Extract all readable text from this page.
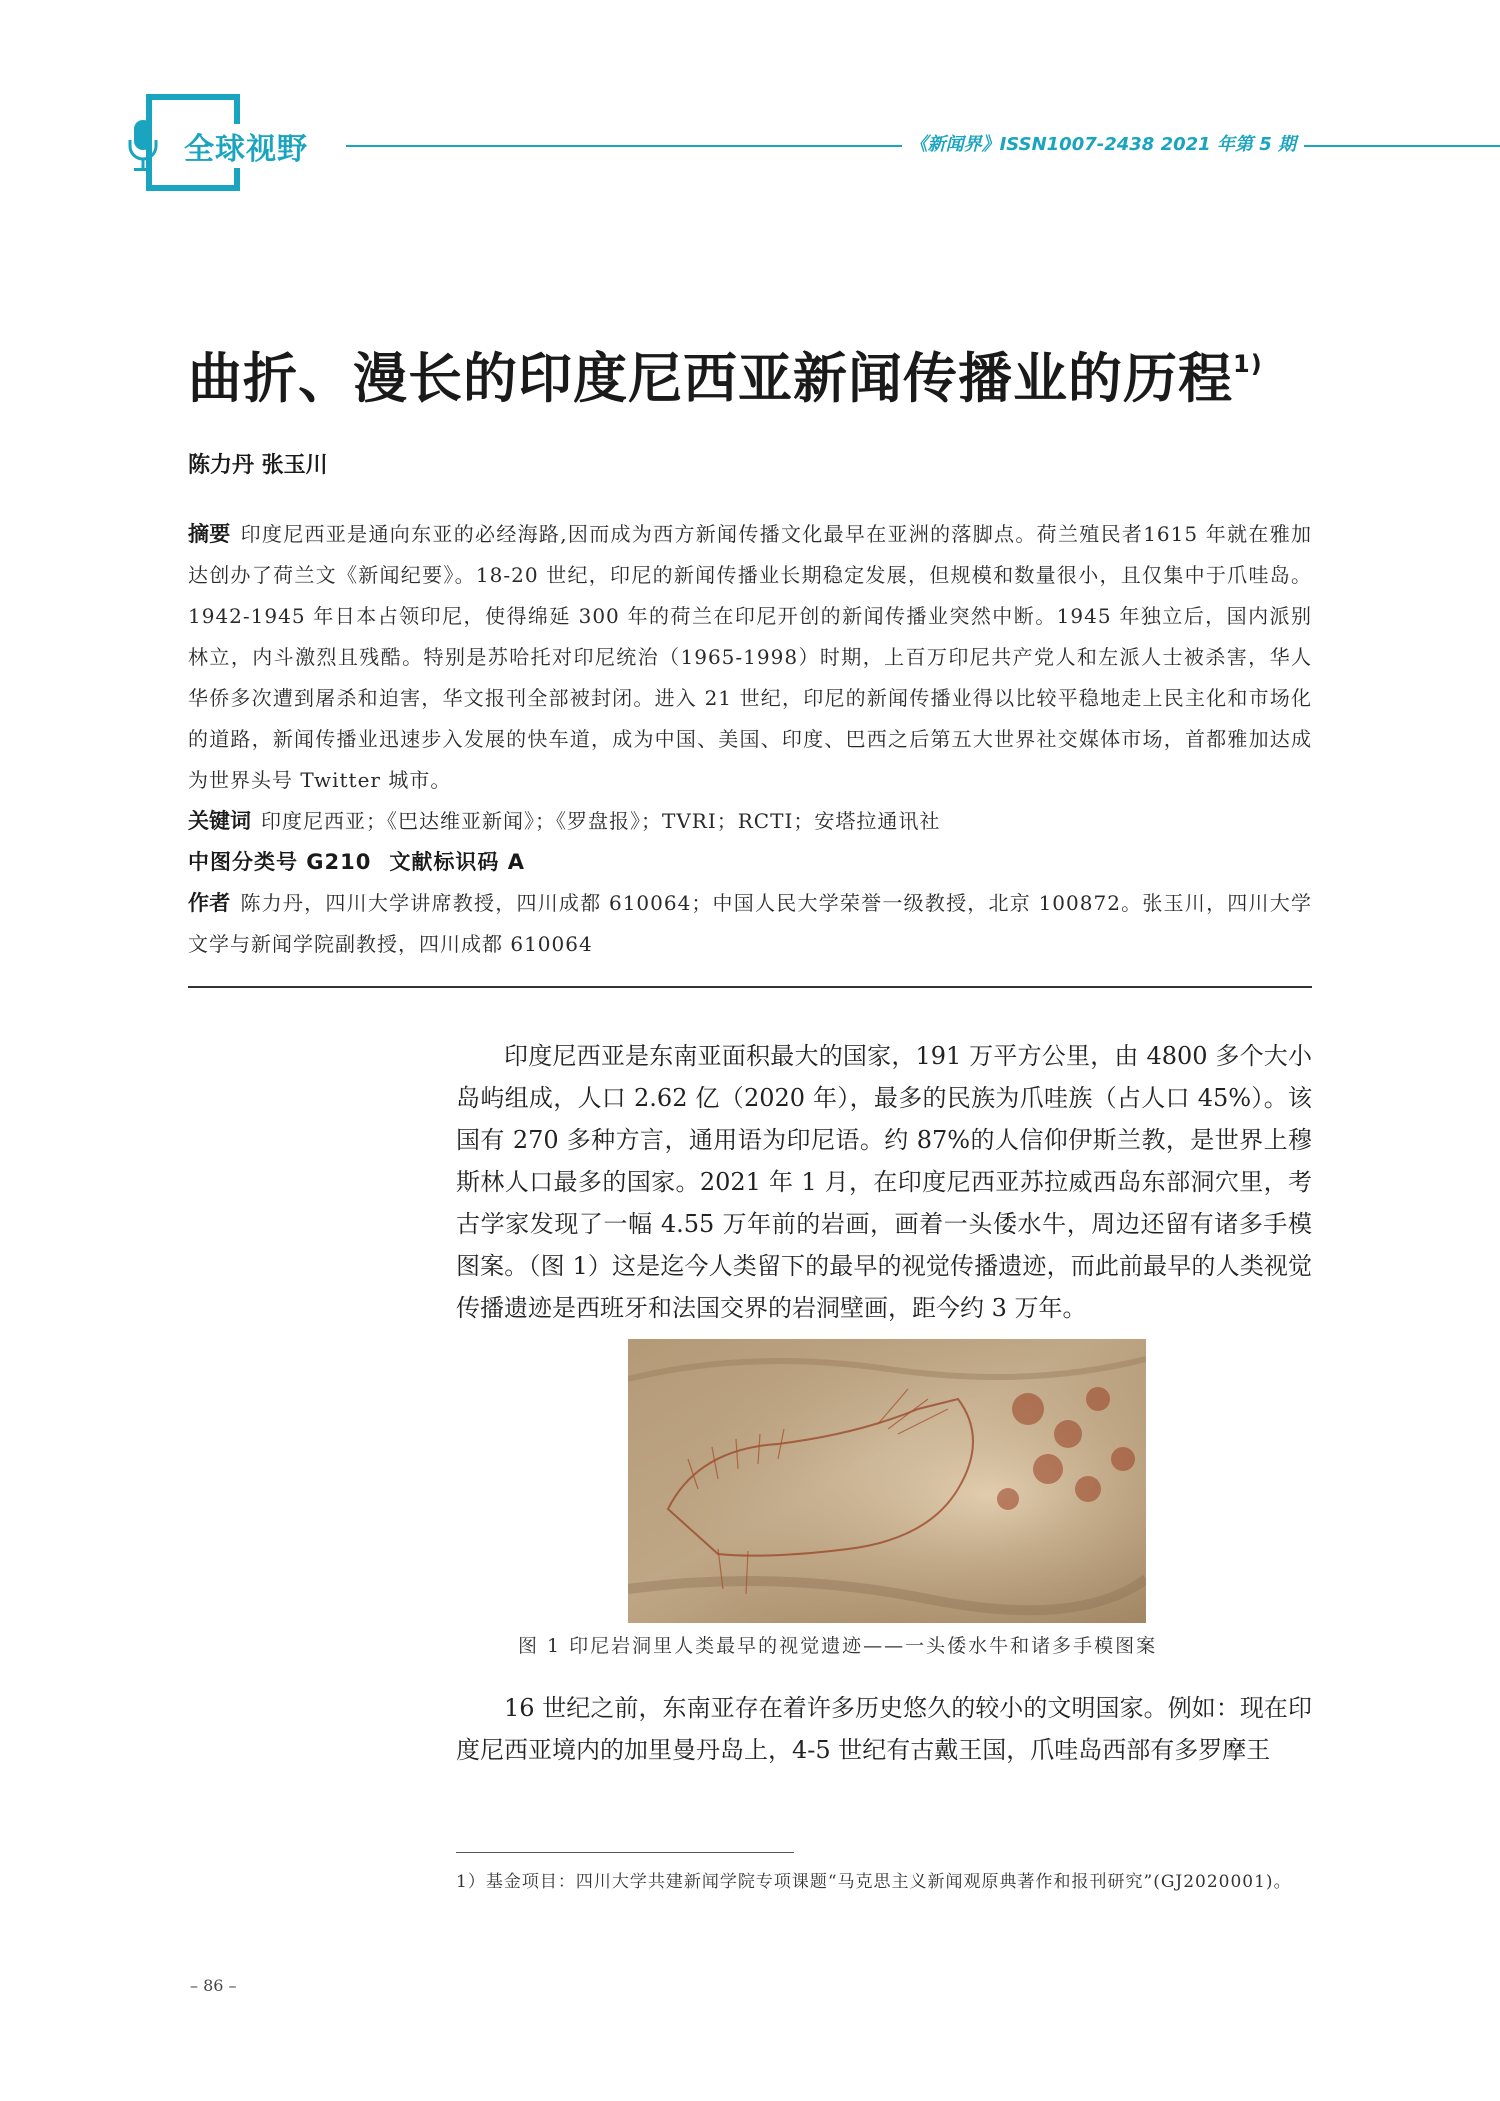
全球视野	《新闻界》ISSN1007-2438 2021 年第 5 期
曲折、漫长的印度尼西亚新闻传播业的历程$^{1)}$
陈力丹 张玉川
摘要 印度尼西亚是通向东亚的必经海路,因而成为西方新闻传播文化最早在亚洲的落脚点。荷兰殖民者1615 年就在雅加达创办了荷兰文《新闻纪要》。18-20 世纪，印尼的新闻传播业长期稳定发展，但规模和数量很小，且仅集中于爪哇岛。1942-1945 年日本占领印尼，使得绵延 300 年的荷兰在印尼开创的新闻传播业突然中断。1945 年独立后，国内派别林立，内斗激烈且残酷。特别是苏哈托对印尼统治（1965-1998）时期，上百万印尼共产党人和左派人士被杀害，华人华侨多次遭到屠杀和迫害，华文报刊全部被封闭。进入 21 世纪，印尼的新闻传播业得以比较平稳地走上民主化和市场化的道路，新闻传播业迅速步入发展的快车道，成为中国、美国、印度、巴西之后第五大世界社交媒体市场，首都雅加达成为世界头号 Twitter 城市。
关键词 印度尼西亚；《巴达维亚新闻》；《罗盘报》；TVRI；RCTI；安塔拉通讯社
中图分类号 G210 文献标识码 A
作者 陈力丹，四川大学讲席教授，四川成都 610064；中国人民大学荣誉一级教授，北京 100872。张玉川，四川大学文学与新闻学院副教授，四川成都 610064
印度尼西亚是东南亚面积最大的国家，191 万平方公里，由 4800 多个大小岛屿组成，人口 2.62 亿（2020 年），最多的民族为爪哇族（占人口 45%）。该国有 270 多种方言，通用语为印尼语。约 87%的人信仰伊斯兰教，是世界上穆斯林人口最多的国家。2021 年 1 月，在印度尼西亚苏拉威西岛东部洞穴里，考古学家发现了一幅 4.55 万年前的岩画，画着一头倭水牛，周边还留有诸多手模图案。（图 1）这是迄今人类留下的最早的视觉传播遗迹，而此前最早的人类视觉传播遗迹是西班牙和法国交界的岩洞壁画，距今约 3 万年。
图 1 印尼岩洞里人类最早的视觉遗迹——一头倭水牛和诸多手模图案
16 世纪之前，东南亚存在着许多历史悠久的较小的文明国家。例如：现在印度尼西亚境内的加里曼丹岛上，4-5 世纪有古戴王国，爪哇岛西部有多罗摩王
1）基金项目：四川大学共建新闻学院专项课题“马克思主义新闻观原典著作和报刊研究”(GJ2020001)。
– 86 –
